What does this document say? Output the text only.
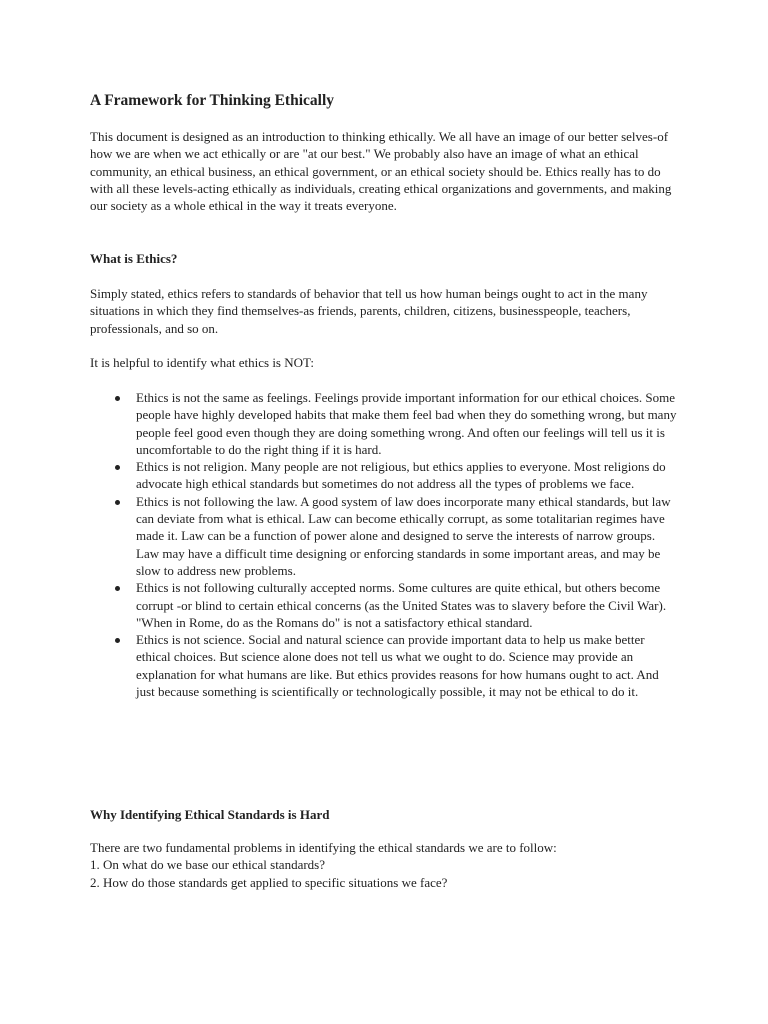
A Framework for Thinking Ethically

This document is designed as an introduction to thinking ethically. We all have an image of our better selves-of how we are when we act ethically or are "at our best." We probably also have an image of what an ethical community, an ethical business, an ethical government, or an ethical society should be. Ethics really has to do with all these levels-acting ethically as individuals, creating ethical organizations and governments, and making our society as a whole ethical in the way it treats everyone.

What is Ethics?

Simply stated, ethics refers to standards of behavior that tell us how human beings ought to act in the many situations in which they find themselves-as friends, parents, children, citizens, businesspeople, teachers, professionals, and so on.

It is helpful to identify what ethics is NOT:

Ethics is not the same as feelings. Feelings provide important information for our ethical choices. Some people have highly developed habits that make them feel bad when they do something wrong, but many people feel good even though they are doing something wrong. And often our feelings will tell us it is uncomfortable to do the right thing if it is hard.
Ethics is not religion. Many people are not religious, but ethics applies to everyone. Most religions do advocate high ethical standards but sometimes do not address all the types of problems we face.
Ethics is not following the law. A good system of law does incorporate many ethical standards, but law can deviate from what is ethical. Law can become ethically corrupt, as some totalitarian regimes have made it. Law can be a function of power alone and designed to serve the interests of narrow groups. Law may have a difficult time designing or enforcing standards in some important areas, and may be slow to address new problems.
Ethics is not following culturally accepted norms. Some cultures are quite ethical, but others become corrupt -or blind to certain ethical concerns (as the United States was to slavery before the Civil War). "When in Rome, do as the Romans do" is not a satisfactory ethical standard.
Ethics is not science. Social and natural science can provide important data to help us make better ethical choices. But science alone does not tell us what we ought to do. Science may provide an explanation for what humans are like. But ethics provides reasons for how humans ought to act. And just because something is scientifically or technologically possible, it may not be ethical to do it.
Why Identifying Ethical Standards is Hard

There are two fundamental problems in identifying the ethical standards we are to follow:
1. On what do we base our ethical standards?
2. How do those standards get applied to specific situations we face?
